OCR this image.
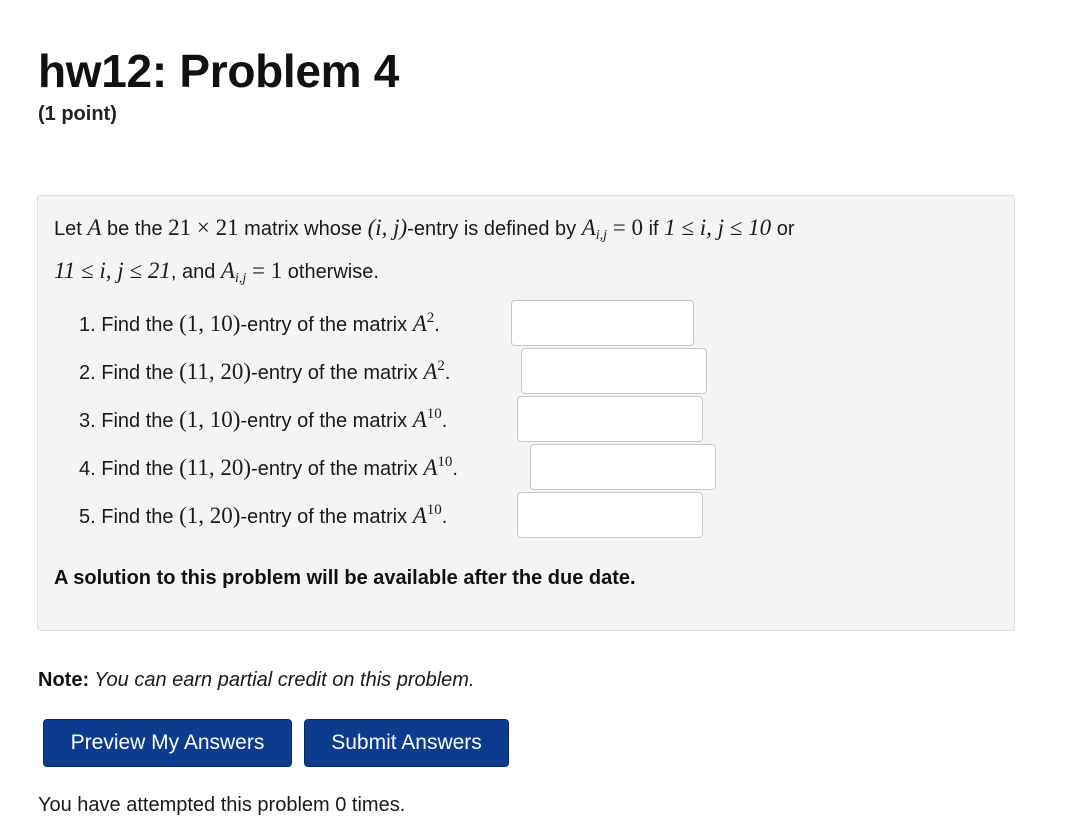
hw12: Problem 4
(1 point)
Let A be the 21 × 21 matrix whose (i, j)-entry is defined by $A_{i,j} = 0$ if 1 ≤ i, j ≤ 10 or
11 ≤ i, j ≤ 21, and $A_{i,j} = 1$ otherwise.
1. Find the (1, 10)-entry of the matrix $A^2$.
2. Find the (11, 20)-entry of the matrix $A^2$.
3. Find the (1, 10)-entry of the matrix $A^{10}$.
4. Find the (11, 20)-entry of the matrix $A^{10}$.
5. Find the (1, 20)-entry of the matrix $A^{10}$.
A solution to this problem will be available after the due date.
Note: You can earn partial credit on this problem.
Preview My Answers	Submit Answers
You have attempted this problem 0 times.
